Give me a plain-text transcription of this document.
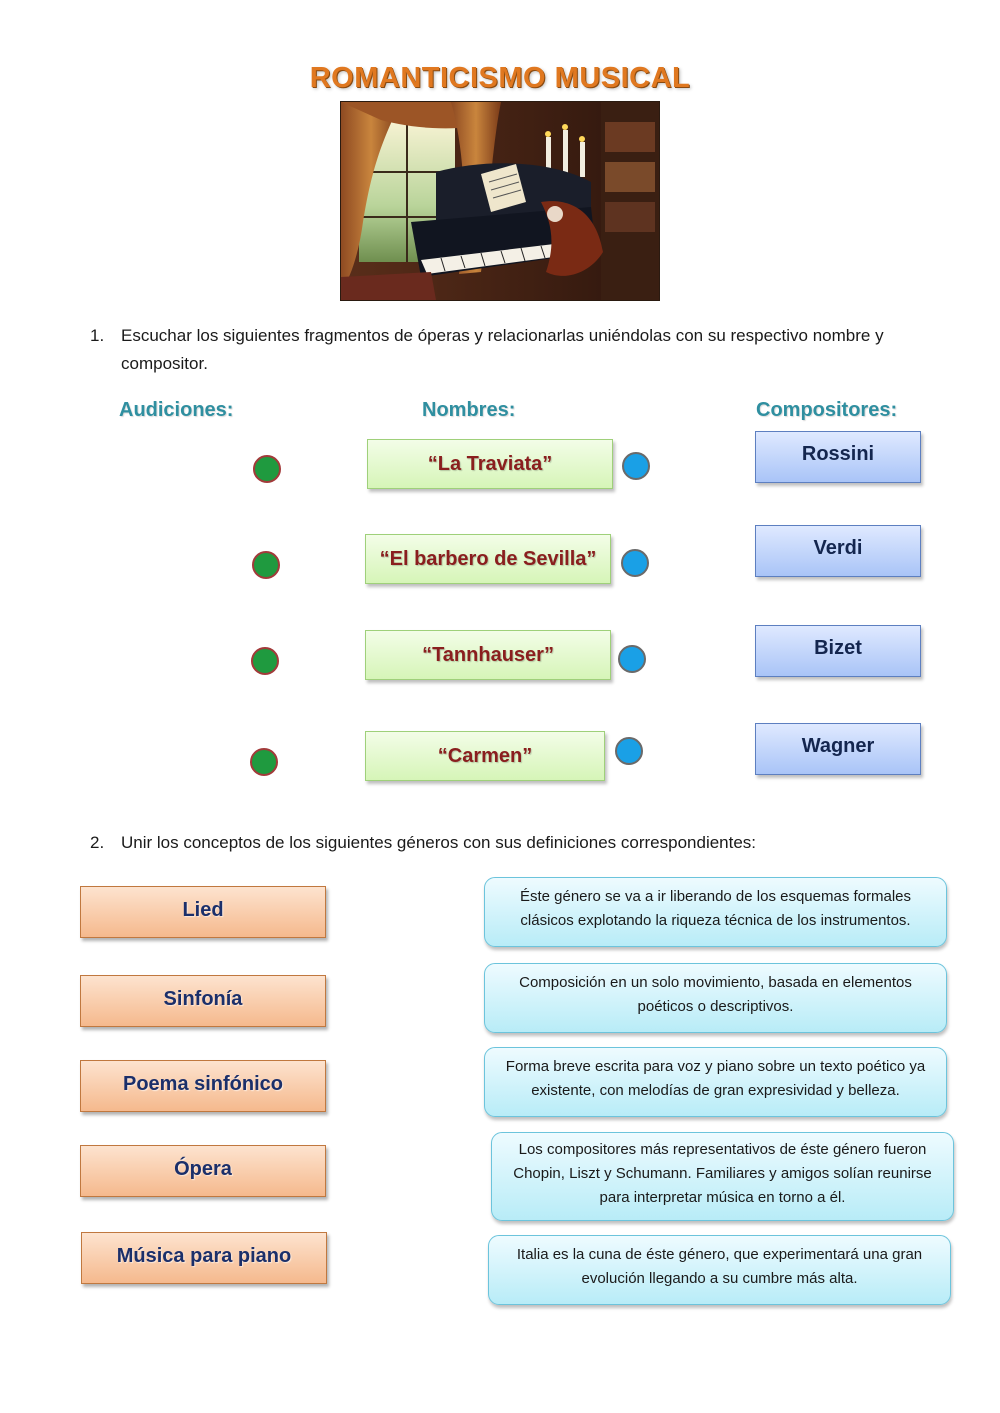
ROMANTICISMO MUSICAL
1. Escuchar los siguientes fragmentos de óperas y relacionarlas uniéndolas con su respectivo nombre y compositor.
Audiciones:	Nombres:	Compositores:
“La Traviata”	Rossini
“El barbero de Sevilla”	Verdi
“Tannhauser”	Bizet
“Carmen”	Wagner
2. Unir los conceptos de los siguientes géneros con sus definiciones correspondientes:
Lied
Sinfonía
Poema sinfónico
Ópera
Música para piano
Éste género se va a ir liberando de los esquemas formales clásicos explotando la riqueza técnica de los instrumentos.
Composición en un solo movimiento, basada en elementos poéticos o descriptivos.
Forma breve escrita para voz y piano sobre un texto poético ya existente, con melodías de gran expresividad y belleza.
Los compositores más representativos de éste género fueron Chopin, Liszt y Schumann. Familiares y amigos solían reunirse para interpretar música en torno a él.
Italia es la cuna de éste género, que experimentará una gran evolución llegando a su cumbre más alta.
